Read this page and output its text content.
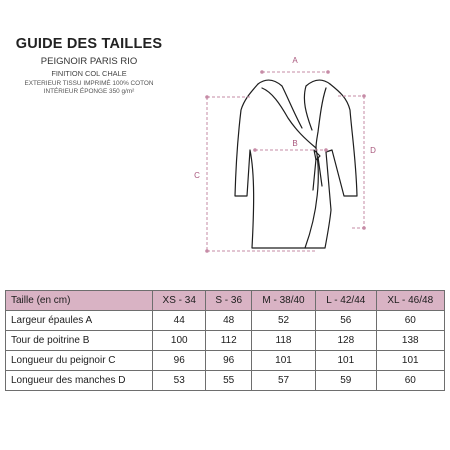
GUIDE DES TAILLES
PEIGNOIR PARIS RIO
FINITION COL CHALE
EXTERIEUR TISSU IMPRIMÉ 100% COTON
INTÉRIEUR ÉPONGE 350 g/m²
A
B
C
D
Taille (en cm)	XS - 34	S - 36	M - 38/40	L - 42/44	XL - 46/48
Largeur épaules A	44	48	52	56	60
Tour de poitrine B	100	112	118	128	138
Longueur du peignoir C	96	96	101	101	101
Longueur des manches D	53	55	57	59	60
